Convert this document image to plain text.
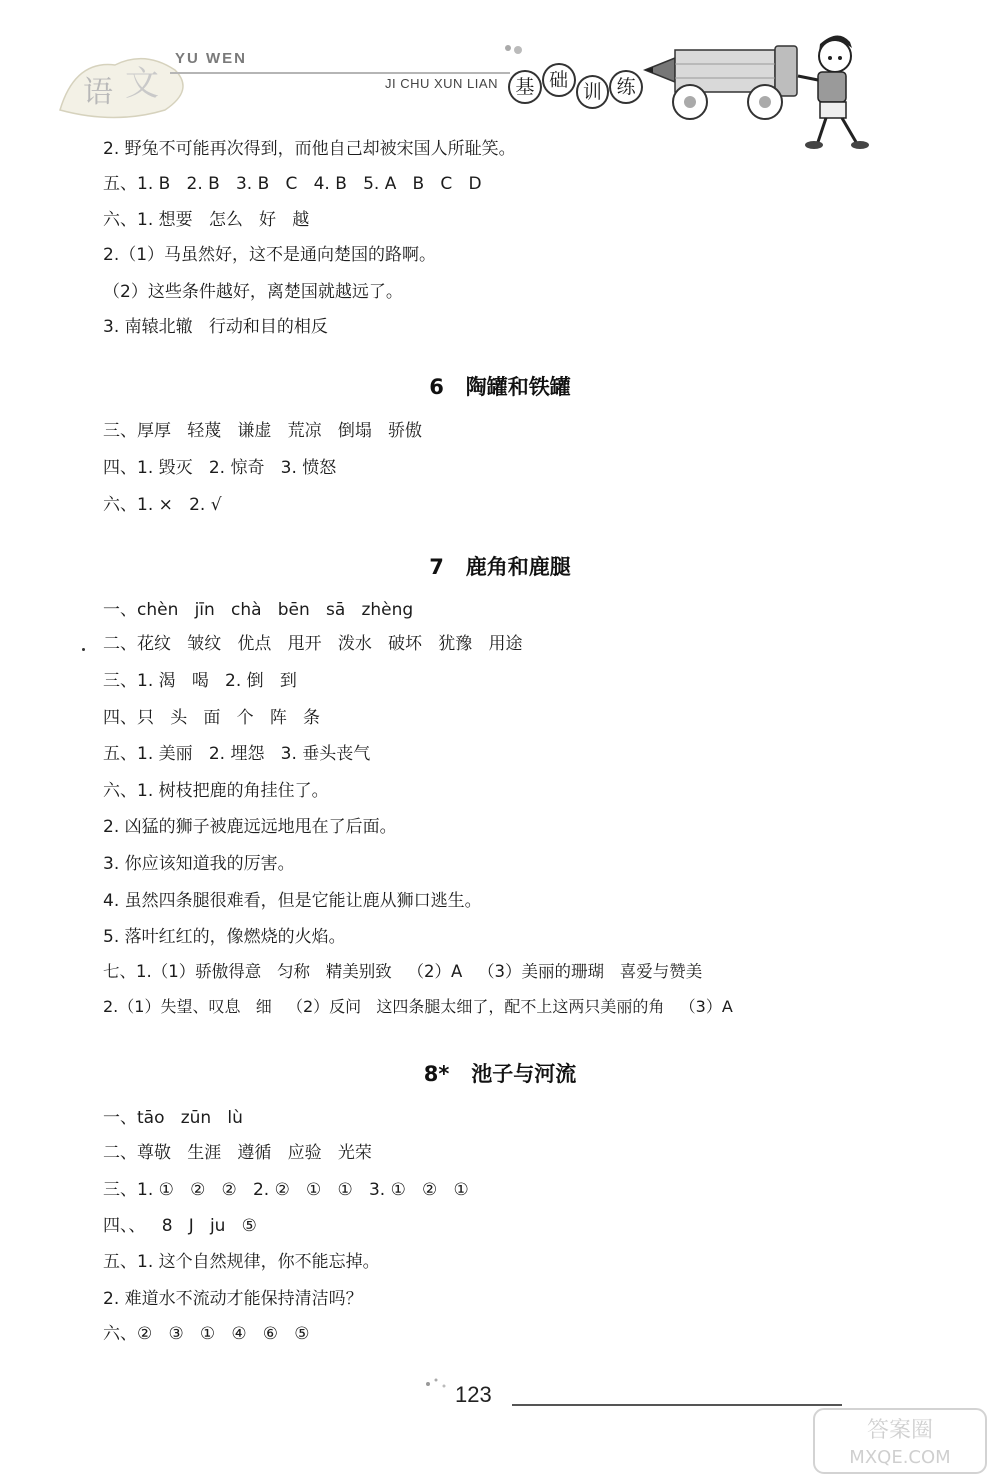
语 文
YU WEN
JI CHU XUN LIAN 基 础
训 练
2. 野兔不可能再次得到，而他自己却被宋国人所耻笑。
五、1. B   2. B   3. B   C   4. B   5. A   B   C   D
六、1. 想要   怎么   好   越
2.（1）马虽然好，这不是通向楚国的路啊。
（2）这些条件越好，离楚国就越远了。
3. 南辕北辙   行动和目的相反
6   陶罐和铁罐
三、厚厚   轻蔑   谦虚   荒凉   倒塌   骄傲
四、1. 毁灭   2. 惊奇   3. 愤怒
六、1. ×   2. √
7   鹿角和鹿腿
一、chèn   jīn   chà   bēn   sā   zhèng
二、花纹   皱纹   优点   甩开   泼水   破坏   犹豫   用途
三、1. 渴   喝   2. 倒   到
四、只   头   面   个   阵   条
五、1. 美丽   2. 埋怨   3. 垂头丧气
六、1. 树枝把鹿的角挂住了。
2. 凶猛的狮子被鹿远远地甩在了后面。
3. 你应该知道我的厉害。
4. 虽然四条腿很难看，但是它能让鹿从狮口逃生。
5. 落叶红红的，像燃烧的火焰。
七、1.（1）骄傲得意   匀称   精美别致   （2）A   （3）美丽的珊瑚   喜爱与赞美
2.（1）失望、叹息   细   （2）反问   这四条腿太细了，配不上这两只美丽的角   （3）A
8*   池子与河流
一、tāo   zūn   lù
二、尊敬   生涯   遵循   应验   光荣
三、1. ①   ②   ②   2. ②   ①   ①   3. ①   ②   ①
四、、   8   J   ju   ⑤
五、1. 这个自然规律，你不能忘掉。
2. 难道水不流动才能保持清洁吗？
六、②   ③   ①   ④   ⑥   ⑤
123
答案圈
MXQE.COM
